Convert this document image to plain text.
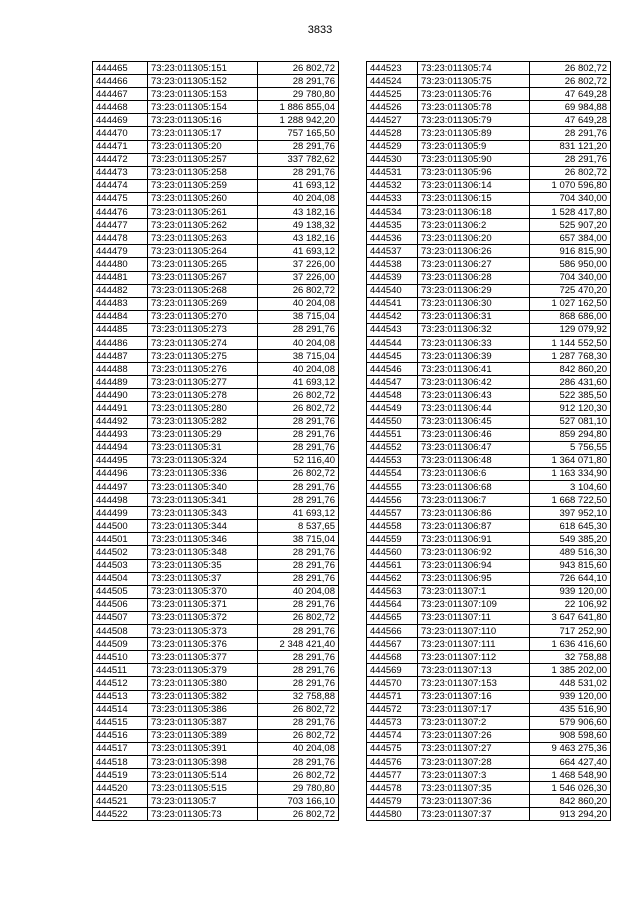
3833
444465	73:23:011305:151	26 802,72
444466	73:23:011305:152	28 291,76
444467	73:23:011305:153	29 780,80
444468	73:23:011305:154	1 886 855,04
444469	73:23:011305:16	1 288 942,20
444470	73:23:011305:17	757 165,50
444471	73:23:011305:20	28 291,76
444472	73:23:011305:257	337 782,62
444473	73:23:011305:258	28 291,76
444474	73:23:011305:259	41 693,12
444475	73:23:011305:260	40 204,08
444476	73:23:011305:261	43 182,16
444477	73:23:011305:262	49 138,32
444478	73:23:011305:263	43 182,16
444479	73:23:011305:264	41 693,12
444480	73:23:011305:265	37 226,00
444481	73:23:011305:267	37 226,00
444482	73:23:011305:268	26 802,72
444483	73:23:011305:269	40 204,08
444484	73:23:011305:270	38 715,04
444485	73:23:011305:273	28 291,76
444486	73:23:011305:274	40 204,08
444487	73:23:011305:275	38 715,04
444488	73:23:011305:276	40 204,08
444489	73:23:011305:277	41 693,12
444490	73:23:011305:278	26 802,72
444491	73:23:011305:280	26 802,72
444492	73:23:011305:282	28 291,76
444493	73:23:011305:29	28 291,76
444494	73:23:011305:31	28 291,76
444495	73:23:011305:324	52 116,40
444496	73:23:011305:336	26 802,72
444497	73:23:011305:340	28 291,76
444498	73:23:011305:341	28 291,76
444499	73:23:011305:343	41 693,12
444500	73:23:011305:344	8 537,65
444501	73:23:011305:346	38 715,04
444502	73:23:011305:348	28 291,76
444503	73:23:011305:35	28 291,76
444504	73:23:011305:37	28 291,76
444505	73:23:011305:370	40 204,08
444506	73:23:011305:371	28 291,76
444507	73:23:011305:372	26 802,72
444508	73:23:011305:373	28 291,76
444509	73:23:011305:376	2 348 421,40
444510	73:23:011305:377	28 291,76
444511	73:23:011305:379	28 291,76
444512	73:23:011305:380	28 291,76
444513	73:23:011305:382	32 758,88
444514	73:23:011305:386	26 802,72
444515	73:23:011305:387	28 291,76
444516	73:23:011305:389	26 802,72
444517	73:23:011305:391	40 204,08
444518	73:23:011305:398	28 291,76
444519	73:23:011305:514	26 802,72
444520	73:23:011305:515	29 780,80
444521	73:23:011305:7	703 166,10
444522	73:23:011305:73	26 802,72
444523	73:23:011305:74	26 802,72
444524	73:23:011305:75	26 802,72
444525	73:23:011305:76	47 649,28
444526	73:23:011305:78	69 984,88
444527	73:23:011305:79	47 649,28
444528	73:23:011305:89	28 291,76
444529	73:23:011305:9	831 121,20
444530	73:23:011305:90	28 291,76
444531	73:23:011305:96	26 802,72
444532	73:23:011306:14	1 070 596,80
444533	73:23:011306:15	704 340,00
444534	73:23:011306:18	1 528 417,80
444535	73:23:011306:2	525 907,20
444536	73:23:011306:20	657 384,00
444537	73:23:011306:26	916 815,90
444538	73:23:011306:27	586 950,00
444539	73:23:011306:28	704 340,00
444540	73:23:011306:29	725 470,20
444541	73:23:011306:30	1 027 162,50
444542	73:23:011306:31	868 686,00
444543	73:23:011306:32	129 079,92
444544	73:23:011306:33	1 144 552,50
444545	73:23:011306:39	1 287 768,30
444546	73:23:011306:41	842 860,20
444547	73:23:011306:42	286 431,60
444548	73:23:011306:43	522 385,50
444549	73:23:011306:44	912 120,30
444550	73:23:011306:45	527 081,10
444551	73:23:011306:46	859 294,80
444552	73:23:011306:47	5 756,55
444553	73:23:011306:48	1 364 071,80
444554	73:23:011306:6	1 163 334,90
444555	73:23:011306:68	3 104,60
444556	73:23:011306:7	1 668 722,50
444557	73:23:011306:86	397 952,10
444558	73:23:011306:87	618 645,30
444559	73:23:011306:91	549 385,20
444560	73:23:011306:92	489 516,30
444561	73:23:011306:94	943 815,60
444562	73:23:011306:95	726 644,10
444563	73:23:011307:1	939 120,00
444564	73:23:011307:109	22 106,92
444565	73:23:011307:11	3 647 641,80
444566	73:23:011307:110	717 252,90
444567	73:23:011307:111	1 636 416,60
444568	73:23:011307:112	32 758,88
444569	73:23:011307:13	1 385 202,00
444570	73:23:011307:153	448 531,02
444571	73:23:011307:16	939 120,00
444572	73:23:011307:17	435 516,90
444573	73:23:011307:2	579 906,60
444574	73:23:011307:26	908 598,60
444575	73:23:011307:27	9 463 275,36
444576	73:23:011307:28	664 427,40
444577	73:23:011307:3	1 468 548,90
444578	73:23:011307:35	1 546 026,30
444579	73:23:011307:36	842 860,20
444580	73:23:011307:37	913 294,20
